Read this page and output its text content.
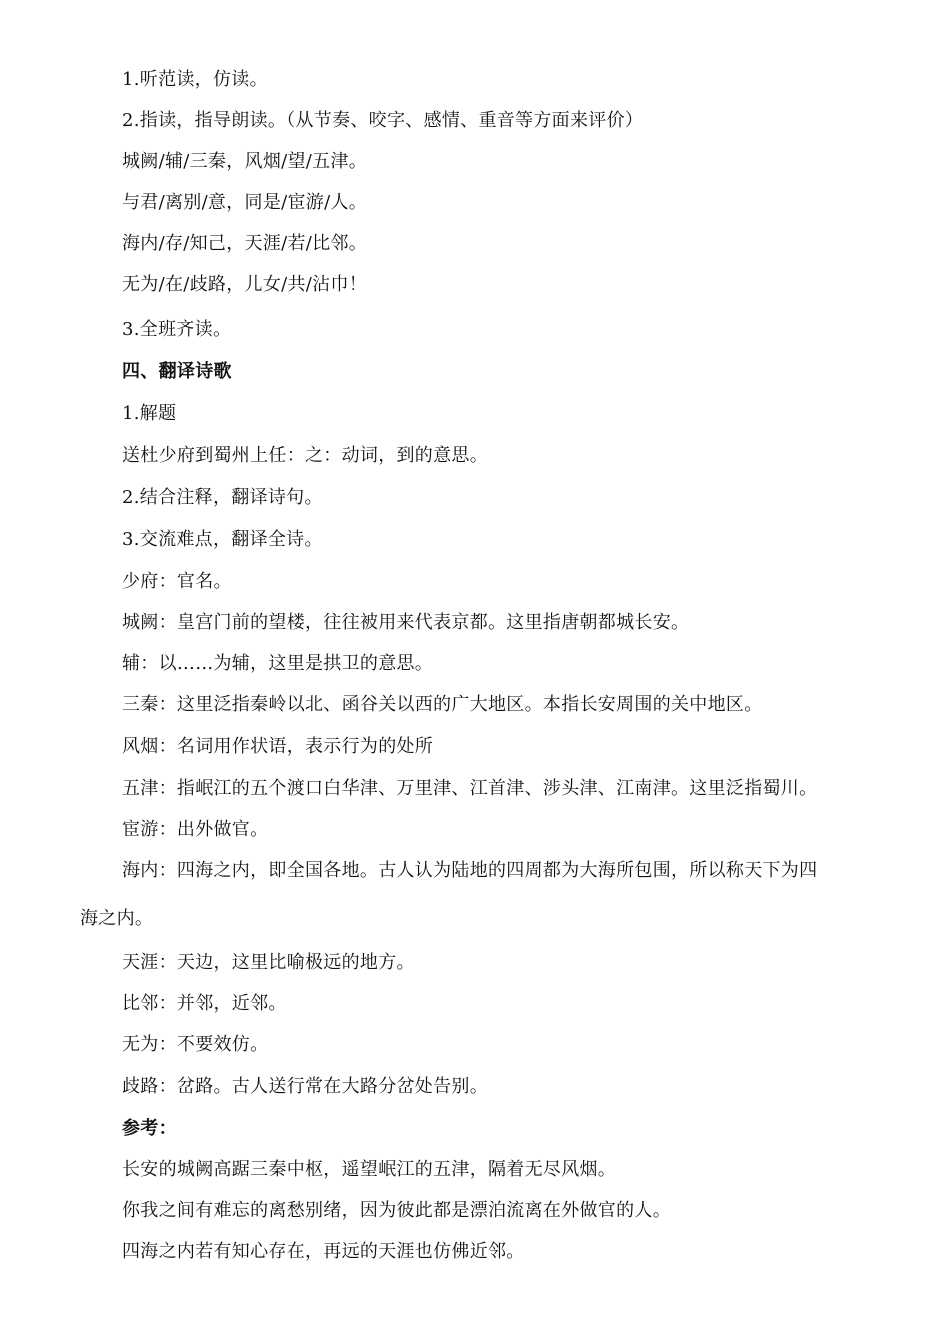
1.听范读，仿读。
2.指读，指导朗读。（从节奏、咬字、感情、重音等方面来评价）
城阙/辅/三秦，风烟/望/五津。
与君/离别/意，同是/宦游/人。
海内/存/知己，天涯/若/比邻。
无为/在/歧路，儿女/共/沾巾！
3.全班齐读。
四、翻译诗歌
1.解题
送杜少府到蜀州上任：之：动词，到的意思。
2.结合注释，翻译诗句。
3.交流难点，翻译全诗。
少府：官名。
城阙：皇宫门前的望楼，往往被用来代表京都。这里指唐朝都城长安。
辅：以……为辅，这里是拱卫的意思。
三秦：这里泛指秦岭以北、函谷关以西的广大地区。本指长安周围的关中地区。
风烟：名词用作状语，表示行为的处所
五津：指岷江的五个渡口白华津、万里津、江首津、涉头津、江南津。这里泛指蜀川。
宦游：出外做官。
海内：四海之内，即全国各地。古人认为陆地的四周都为大海所包围，所以称天下为四
海之内。
天涯：天边，这里比喻极远的地方。
比邻：并邻，近邻。
无为：不要效仿。
歧路：岔路。古人送行常在大路分岔处告别。
参考：
长安的城阙高踞三秦中枢，遥望岷江的五津，隔着无尽风烟。
你我之间有难忘的离愁别绪，因为彼此都是漂泊流离在外做官的人。
四海之内若有知心存在，再远的天涯也仿佛近邻。
